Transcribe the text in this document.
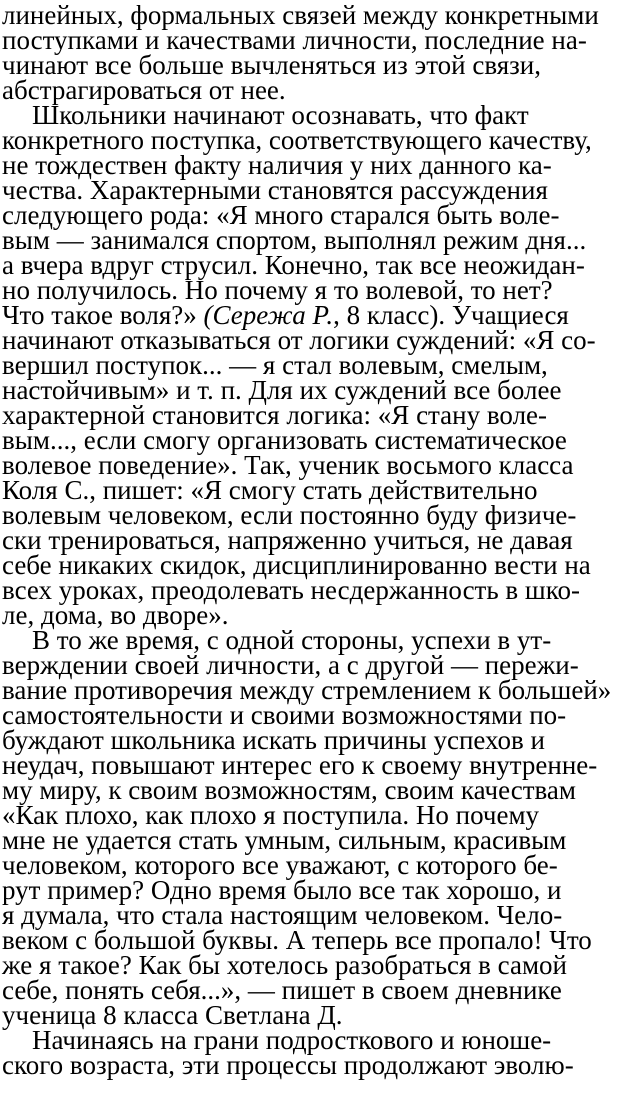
линейных, формальных связей между конкретными
поступками и качествами личности, последние на-
чинают все больше вычленяться из этой связи,
абстрагироваться от нее.
Школьники начинают осознавать, что факт
конкретного поступка, соответствующего качеству,
не тождествен факту наличия у них данного ка-
чества. Характерными становятся рассуждения
следующего рода: «Я много старался быть воле-
вым — занимался спортом, выполнял режим дня...
а вчера вдруг струсил. Конечно, так все неожидан-
но получилось. Но почему я то волевой, то нет?
Что такое воля?» (Сережа Р., 8 класс). Учащиеся
начинают отказываться от логики суждений: «Я со-
вершил поступок... — я стал волевым, смелым,
настойчивым» и т. п. Для их суждений все более
характерной становится логика: «Я стану воле-
вым..., если смогу организовать систематическое
волевое поведение». Так, ученик восьмого класса
Коля С., пишет: «Я смогу стать действительно
волевым человеком, если постоянно буду физиче-
ски тренироваться, напряженно учиться, не давая
себе никаких скидок, дисциплинированно вести на
всех уроках, преодолевать несдержанность в шко-
ле, дома, во дворе».
В то же время, с одной стороны, успехи в ут-
верждении своей личности, а с другой — пережи-
вание противоречия между стремлением к большей»
самостоятельности и своими возможностями по-
буждают школьника искать причины успехов и
неудач, повышают интерес его к своему внутренне-
му миру, к своим возможностям, своим качествам
«Как плохо, как плохо я поступила. Но почему
мне не удается стать умным, сильным, красивым
человеком, которого все уважают, с которого бе-
рут пример? Одно время было все так хорошо, и
я думала, что стала настоящим человеком. Чело-
веком с большой буквы. А теперь все пропало! Что
же я такое? Как бы хотелось разобраться в самой
себе, понять себя...», — пишет в своем дневнике
ученица 8 класса Светлана Д.
Начинаясь на грани подросткового и юноше-
ского возраста, эти процессы продолжают эволю-
